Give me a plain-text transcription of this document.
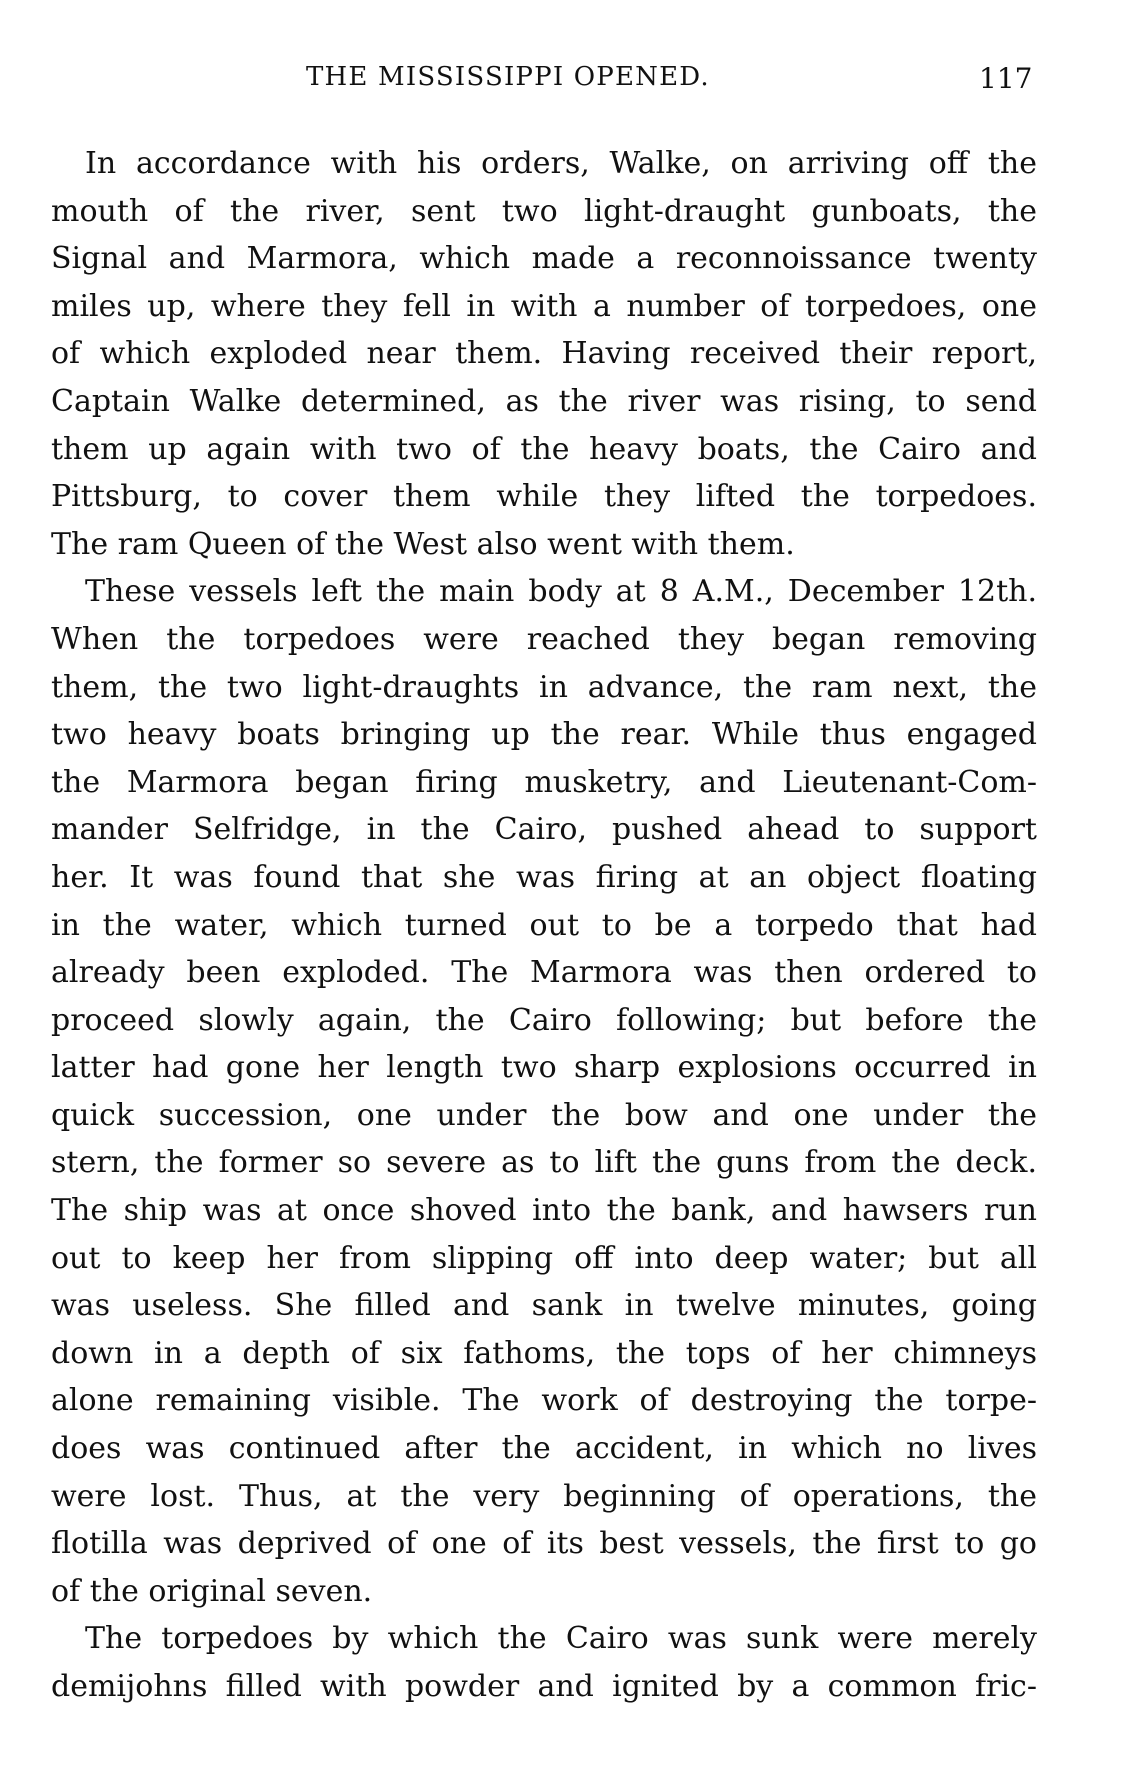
THE MISSISSIPPI OPENED.	117
In accordance with his orders, Walke, on arriving off the
mouth of the river, sent two light-draught gunboats, the
Signal and Marmora, which made a reconnoissance twenty
miles up, where they fell in with a number of torpedoes, one
of which exploded near them. Having received their report,
Captain Walke determined, as the river was rising, to send
them up again with two of the heavy boats, the Cairo and
Pittsburg, to cover them while they lifted the torpedoes.
The ram Queen of the West also went with them.
These vessels left the main body at 8 A.M., December 12th.
When the torpedoes were reached they began removing
them, the two light-draughts in advance, the ram next, the
two heavy boats bringing up the rear. While thus engaged
the Marmora began firing musketry, and Lieutenant-Com-
mander Selfridge, in the Cairo, pushed ahead to support
her. It was found that she was firing at an object floating
in the water, which turned out to be a torpedo that had
already been exploded. The Marmora was then ordered to
proceed slowly again, the Cairo following; but before the
latter had gone her length two sharp explosions occurred in
quick succession, one under the bow and one under the
stern, the former so severe as to lift the guns from the deck.
The ship was at once shoved into the bank, and hawsers run
out to keep her from slipping off into deep water; but all
was useless. She filled and sank in twelve minutes, going
down in a depth of six fathoms, the tops of her chimneys
alone remaining visible. The work of destroying the torpe-
does was continued after the accident, in which no lives
were lost. Thus, at the very beginning of operations, the
flotilla was deprived of one of its best vessels, the first to go
of the original seven.
The torpedoes by which the Cairo was sunk were merely
demijohns filled with powder and ignited by a common fric-
